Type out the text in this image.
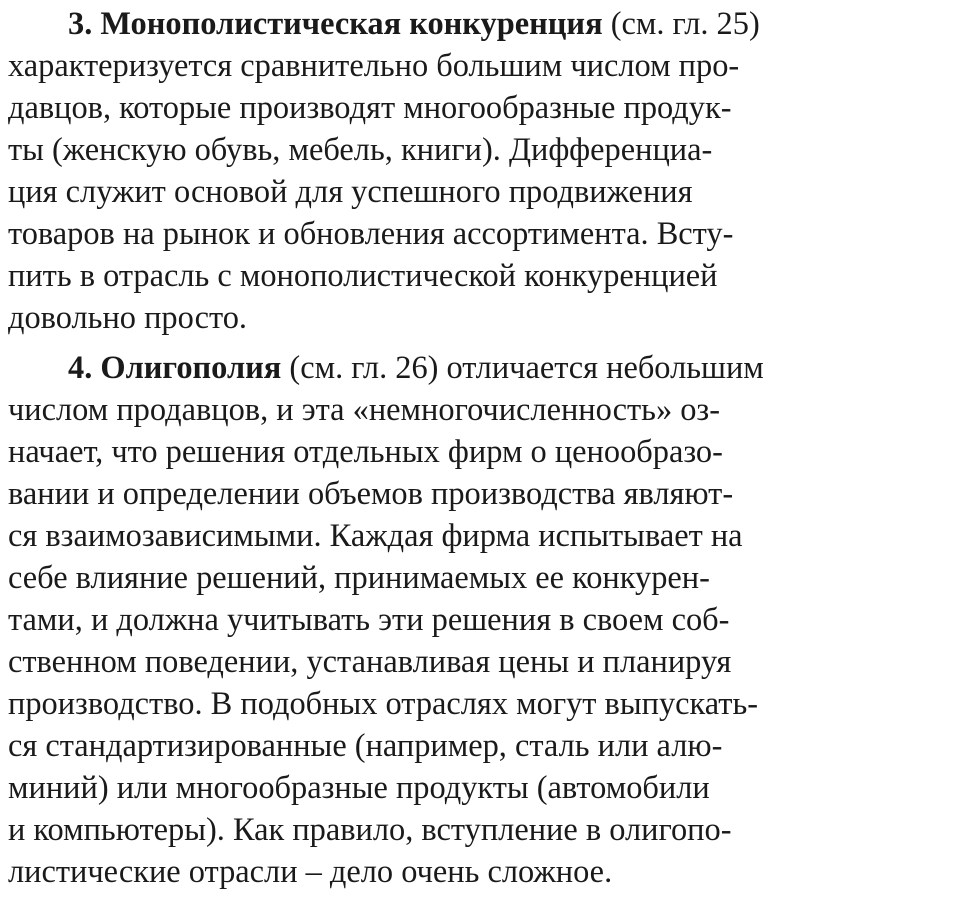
3. Монополистическая конкуренция (см. гл. 25)
характеризуется сравнительно большим числом про-
давцов, которые производят многообразные продук-
ты (женскую обувь, мебель, книги). Дифференциа-
ция служит основой для успешного продвижения
товаров на рынок и обновления ассортимента. Всту-
пить в отрасль с монополистической конкуренцией
довольно просто.
4. Олигополия (см. гл. 26) отличается небольшим
числом продавцов, и эта «немногочисленность» оз-
начает, что решения отдельных фирм о ценообразо-
вании и определении объемов производства являют-
ся взаимозависимыми. Каждая фирма испытывает на
себе влияние решений, принимаемых ее конкурен-
тами, и должна учитывать эти решения в своем соб-
ственном поведении, устанавливая цены и планируя
производство. В подобных отраслях могут выпускать-
ся стандартизированные (например, сталь или алю-
миний) или многообразные продукты (автомобили
и компьютеры). Как правило, вступление в олигопо-
листические отрасли – дело очень сложное.
